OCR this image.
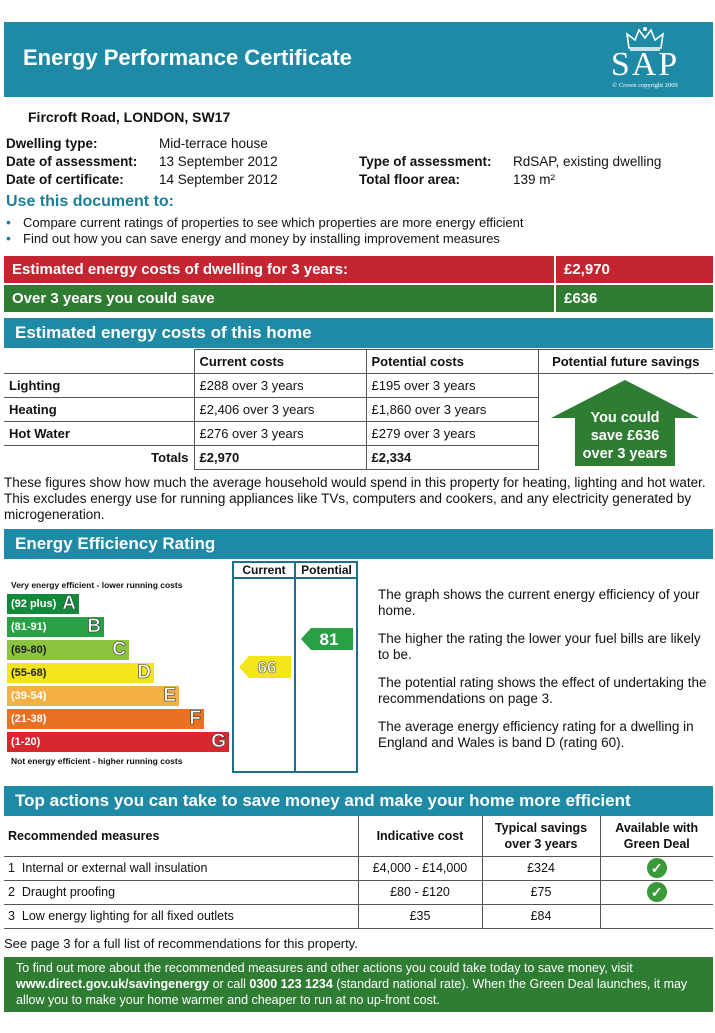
Energy Performance Certificate	SAP
© Crown copyright 2009
Fircroft Road, LONDON, SW17
Dwelling type:	Mid-terrace house
Date of assessment: 13 September 2012
Date of certificate:	14 September 2012
Type of assessment: RdSAP, existing dwelling
Total floor area:	139 m²
Use this document to:
• Compare current ratings of properties to see which properties are more energy efficient
• Find out how you can save energy and money by installing improvement measures
Estimated energy costs of dwelling for 3 years:	£2,970
Over 3 years you could save	£636
Estimated energy costs of this home
	Current costs	Potential costs	Potential future savings
Lighting	£288 over 3 years	£195 over 3 years	
Heating	£2,406 over 3 years	£1,860 over 3 years	
Hot Water	£276 over 3 years	£279 over 3 years	
Totals	£2,970	£2,334	
You could
save £636
over 3 years
These figures show how much the average household would spend in this property for heating, lighting and hot water. This excludes energy use for running appliances like TVs, computers and cookers, and any electricity generated by microgeneration.
Energy Efficiency Rating
Current	Potential
Very energy efficient - lower running costs
(92 plus) A
(81-91) B
(69-80)	C
(55-68)	D
(39-54)	E
(21-38)	F
(1-20)	G
Not energy efficient - higher running costs
66
81
The graph shows the current energy efficiency of your home.
The higher the rating the lower your fuel bills are likely to be.
The potential rating shows the effect of undertaking the recommendations on page 3.
The average energy efficiency rating for a dwelling in England and Wales is band D (rating 60).
Top actions you can take to save money and make your home more efficient
Recommended measures	Indicative cost	Typical savings over 3 years	Available with Green Deal
1 Internal or external wall insulation	£4,000 - £14,000	£324	✓
2 Draught proofing	£80 - £120	£75	✓
3 Low energy lighting for all fixed outlets	£35	£84	
See page 3 for a full list of recommendations for this property.
To find out more about the recommended measures and other actions you could take today to save money, visit
www.direct.gov.uk/savingenergy or call 0300 123 1234 (standard national rate). When the Green Deal launches, it may allow you to make your home warmer and cheaper to run at no up-front cost.
